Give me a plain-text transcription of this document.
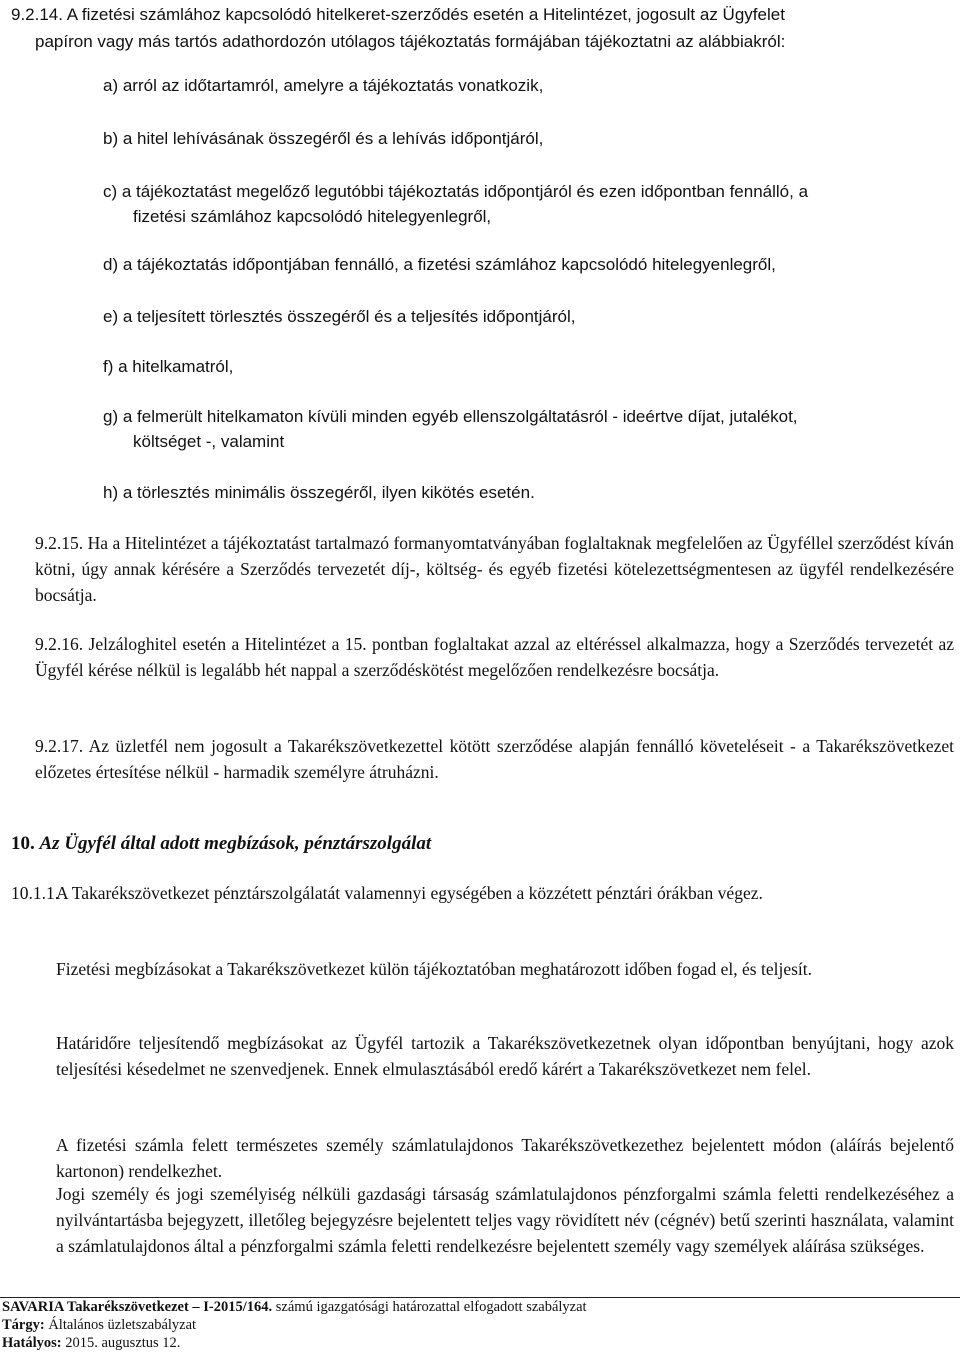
9.2.14. A fizetési számlához kapcsolódó hitelkeret-szerződés esetén a Hitelintézet, jogosult az Ügyfelet

papíron vagy más tartós adathordozón utólagos tájékoztatás formájában tájékoztatni az alábbiakról:

a) arról az időtartamról, amelyre a tájékoztatás vonatkozik,

b) a hitel lehívásának összegéről és a lehívás időpontjáról,

c) a tájékoztatást megelőző legutóbbi tájékoztatás időpontjáról és ezen időpontban fennálló, a

fizetési számlához kapcsolódó hitelegyenlegről,

d) a tájékoztatás időpontjában fennálló, a fizetési számlához kapcsolódó hitelegyenlegről,

e) a teljesített törlesztés összegéről és a teljesítés időpontjáról,

f) a hitelkamatról,

g) a felmerült hitelkamaton kívüli minden egyéb ellenszolgáltatásról - ideértve díjat, jutalékot,

költséget -, valamint

h) a törlesztés minimális összegéről, ilyen kikötés esetén.

9.2.15. Ha a Hitelintézet a tájékoztatást tartalmazó formanyomtatványában foglaltaknak megfelelően az Ügyféllel szerződést kíván kötni, úgy annak kérésére a Szerződés tervezetét díj-, költség- és egyéb fizetési kötelezettségmentesen az ügyfél rendelkezésére bocsátja.

9.2.16. Jelzáloghitel esetén a Hitelintézet a 15. pontban foglaltakat azzal az eltéréssel alkalmazza, hogy a Szerződés tervezetét az Ügyfél kérése nélkül is legalább hét nappal a szerződéskötést megelőzően rendelkezésre bocsátja.

9.2.17. Az üzletfél nem jogosult a Takarékszövetkezettel kötött szerződése alapján fennálló követeléseit - a Takarékszövetkezet előzetes értesítése nélkül - harmadik személyre átruházni.

10. Az Ügyfél által adott megbízások, pénztárszolgálat

10.1.1.

A Takarékszövetkezet pénztárszolgálatát valamennyi egységében a közzétett pénztári órákban végez.

Fizetési megbízásokat a Takarékszövetkezet külön tájékoztatóban meghatározott időben fogad el, és teljesít.

Határidőre teljesítendő megbízásokat az Ügyfél tartozik a Takarékszövetkezetnek olyan időpontban benyújtani, hogy azok teljesítési késedelmet ne szenvedjenek. Ennek elmulasztásából eredő kárért a Takarékszövetkezet nem felel.

A fizetési számla felett természetes személy számlatulajdonos Takarékszövetkezethez bejelentett módon (aláírás bejelentő kartonon) rendelkezhet.

Jogi személy és jogi személyiség nélküli gazdasági társaság számlatulajdonos pénzforgalmi számla feletti rendelkezéséhez a nyilvántartásba bejegyzett, illetőleg bejegyzésre bejelentett teljes vagy rövidített név (cégnév) betű szerinti használata, valamint a számlatulajdonos által a pénzforgalmi számla feletti rendelkezésre bejelentett személy vagy személyek aláírása szükséges.

SAVARIA Takarékszövetkezet – I-2015/164. számú igazgatósági határozattal elfogadott szabályzat

Tárgy: Általános üzletszabályzat

Hatályos: 2015. augusztus 12.
